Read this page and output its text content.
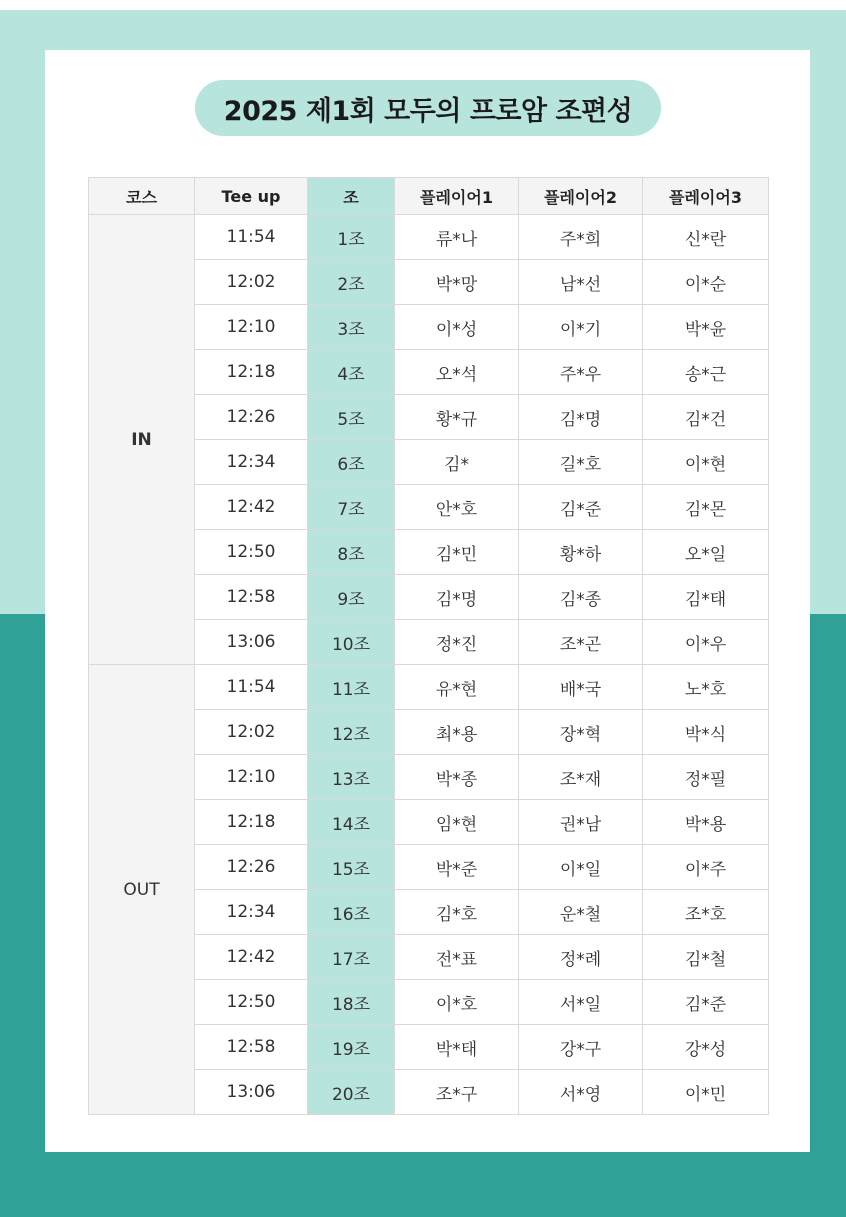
2025 제1회 모두의 프로암 조편성
코스	Tee up	조	플레이어1	플레이어2	플레이어3
IN	11:54	1조	류*나	주*희	신*란
	12:02	2조	박*망	남*선	이*순
	12:10	3조	이*성	이*기	박*윤
	12:18	4조	오*석	주*우	송*근
	12:26	5조	황*규	김*명	김*건
	12:34	6조	김*	길*호	이*현
	12:42	7조	안*호	김*준	김*몬
	12:50	8조	김*민	황*하	오*일
	12:58	9조	김*명	김*종	김*태
	13:06	10조	정*진	조*곤	이*우
OUT	11:54	11조	유*현	배*국	노*호
	12:02	12조	최*용	장*혁	박*식
	12:10	13조	박*종	조*재	정*필
	12:18	14조	임*현	권*남	박*용
	12:26	15조	박*준	이*일	이*주
	12:34	16조	김*호	운*철	조*호
	12:42	17조	전*표	정*례	김*철
	12:50	18조	이*호	서*일	김*준
	12:58	19조	박*태	강*구	강*성
	13:06	20조	조*구	서*영	이*민
